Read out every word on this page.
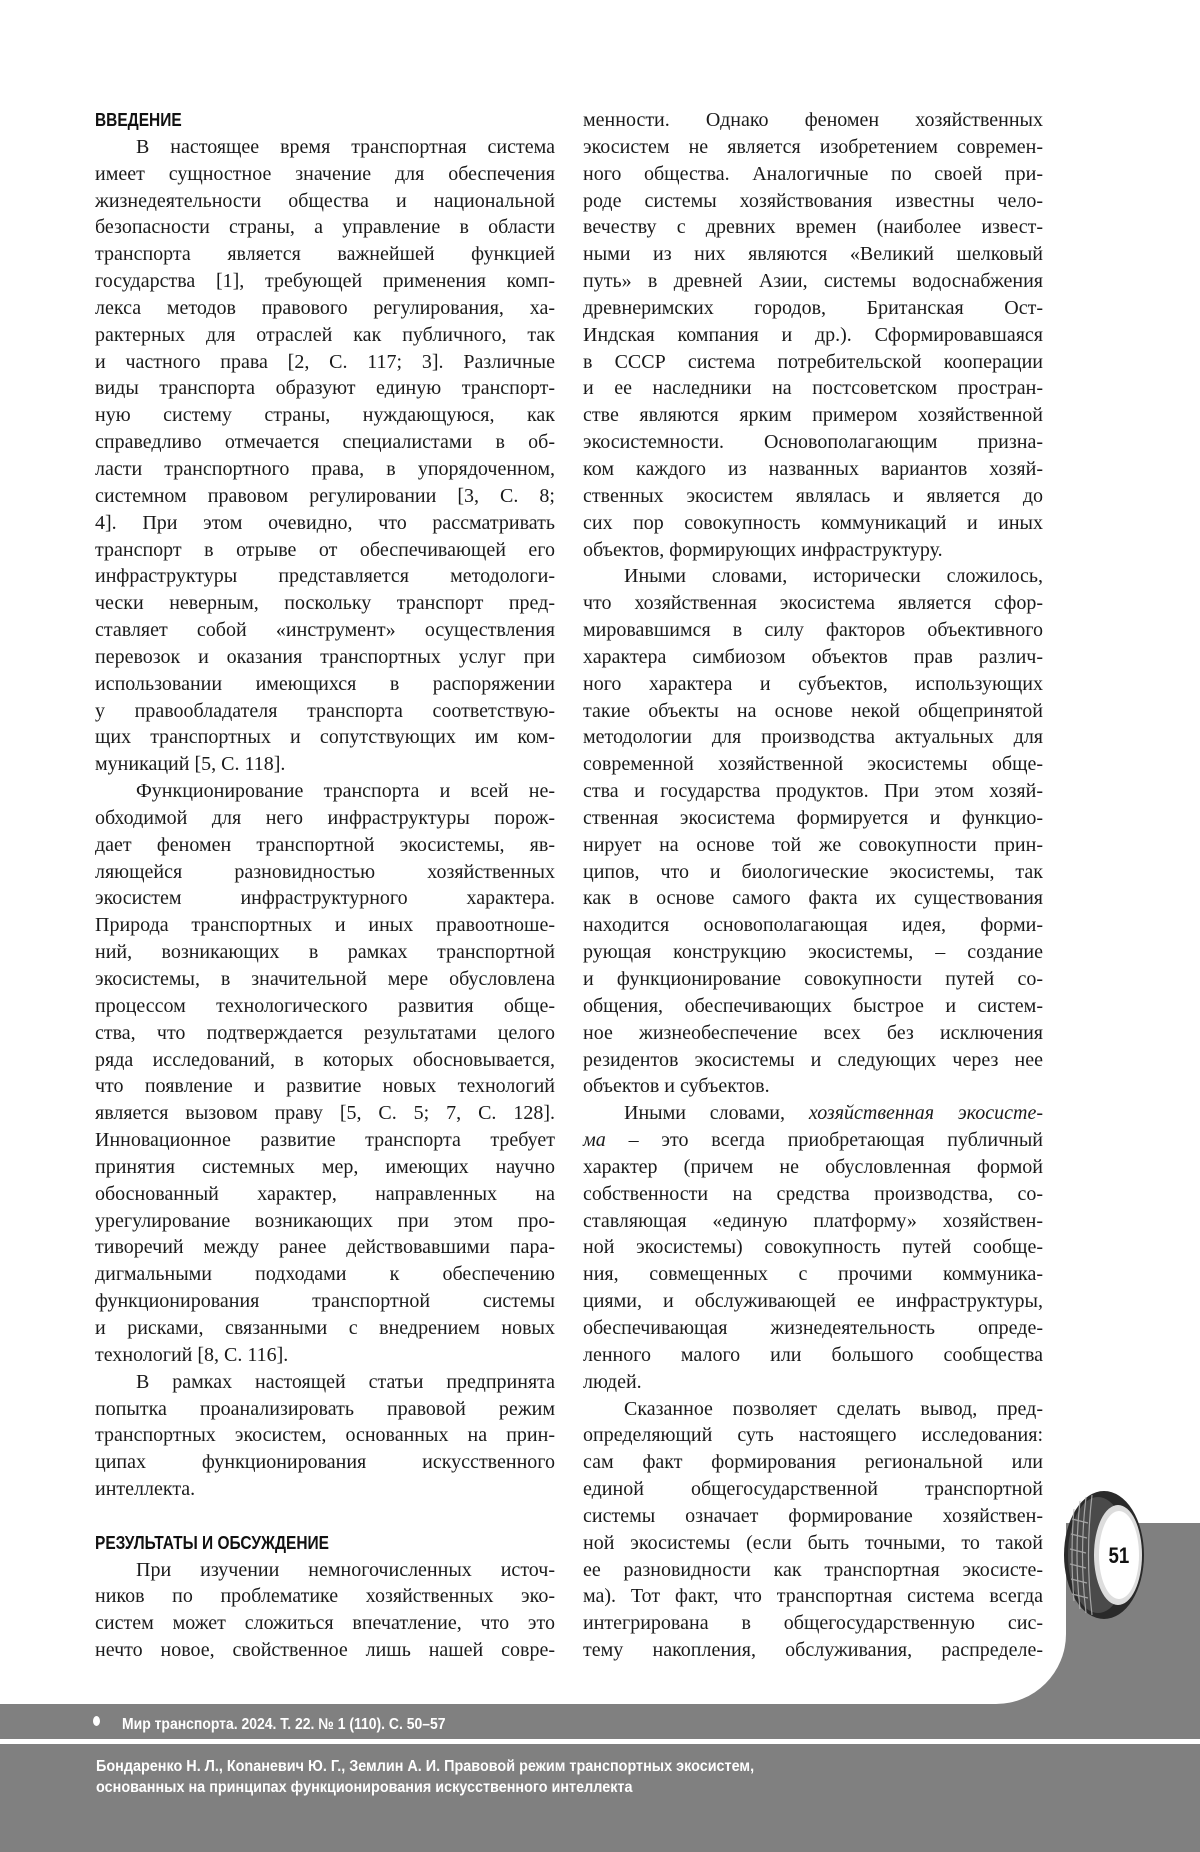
ВВЕДЕНИЕ
В настоящее время транспортная система
имеет сущностное значение для обеспечения
жизнедеятельности общества и национальной
безопасности страны, а управление в области
транспорта является важнейшей функцией
государства [1], требующей применения комп-
лекса методов правового регулирования, ха-
рактерных для отраслей как публичного, так
и частного права [2, С. 117; 3]. Различные
виды транспорта образуют единую транспорт-
ную систему страны, нуждающуюся, как
справедливо отмечается специалистами в об-
ласти транспортного права, в упорядоченном,
системном правовом регулировании [3, С. 8;
4]. При этом очевидно, что рассматривать
транспорт в отрыве от обеспечивающей его
инфраструктуры представляется методологи-
чески неверным, поскольку транспорт пред-
ставляет собой «инструмент» осуществления
перевозок и оказания транспортных услуг при
использовании имеющихся в распоряжении
у правообладателя транспорта соответствую-
щих транспортных и сопутствующих им ком-
муникаций [5, С. 118].
Функционирование транспорта и всей не-
обходимой для него инфраструктуры порож-
дает феномен транспортной экосистемы, яв-
ляющейся разновидностью хозяйственных
экосистем инфраструктурного характера.
Природа транспортных и иных правоотноше-
ний, возникающих в рамках транспортной
экосистемы, в значительной мере обусловлена
процессом технологического развития обще-
ства, что подтверждается результатами целого
ряда исследований, в которых обосновывается,
что появление и развитие новых технологий
является вызовом праву [5, С. 5; 7, С. 128].
Инновационное развитие транспорта требует
принятия системных мер, имеющих научно
обоснованный характер, направленных на
урегулирование возникающих при этом про-
тиворечий между ранее действовавшими пара-
дигмальными подходами к обеспечению
функционирования транспортной системы
и рисками, связанными с внедрением новых
технологий [8, С. 116].
В рамках настоящей статьи предпринята
попытка проанализировать правовой режим
транспортных экосистем, основанных на прин-
ципах функционирования искусственного
интеллекта.
РЕЗУЛЬТАТЫ И ОБСУЖДЕНИЕ
При изучении немногочисленных источ-
ников по проблематике хозяйственных эко-
систем может сложиться впечатление, что это
нечто новое, свойственное лишь нашей совре-
менности. Однако феномен хозяйственных
экосистем не является изобретением современ-
ного общества. Аналогичные по своей при-
роде системы хозяйствования известны чело-
вечеству с древних времен (наиболее извест-
ными из них являются «Великий шелковый
путь» в древней Азии, системы водоснабжения
древнеримских городов, Британская Ост-
Индская компания и др.). Сформировавшаяся
в СССР система потребительской кооперации
и ее наследники на постсоветском простран-
стве являются ярким примером хозяйственной
экосистемности. Основополагающим призна-
ком каждого из названных вариантов хозяй-
ственных экосистем являлась и является до
сих пор совокупность коммуникаций и иных
объектов, формирующих инфраструктуру.
Иными словами, исторически сложилось,
что хозяйственная экосистема является сфор-
мировавшимся в силу факторов объективного
характера симбиозом объектов прав различ-
ного характера и субъектов, использующих
такие объекты на основе некой общепринятой
методологии для производства актуальных для
современной хозяйственной экосистемы обще-
ства и государства продуктов. При этом хозяй-
ственная экосистема формируется и функцио-
нирует на основе той же совокупности прин-
ципов, что и биологические экосистемы, так
как в основе самого факта их существования
находится основополагающая идея, форми-
рующая конструкцию экосистемы, – создание
и функционирование совокупности путей со-
общения, обеспечивающих быстрое и систем-
ное жизнеобеспечение всех без исключения
резидентов экосистемы и следующих через нее
объектов и субъектов.
Иными словами, хозяйственная экосисте-
ма – это всегда приобретающая публичный
характер (причем не обусловленная формой
собственности на средства производства, со-
ставляющая «единую платформу» хозяйствен-
ной экосистемы) совокупность путей сообще-
ния, совмещенных с прочими коммуника-
циями, и обслуживающей ее инфраструктуры,
обеспечивающая жизнедеятельность опреде-
ленного малого или большого сообщества
людей.
Сказанное позволяет сделать вывод, пред-
определяющий суть настоящего исследования:
сам факт формирования региональной или
единой общегосударственной транспортной
системы означает формирование хозяйствен-
ной экосистемы (если быть точными, то такой
ее разновидности как транспортная экосисте-
ма). Тот факт, что транспортная система всегда
интегрирована в общегосударственную сис-
тему накопления, обслуживания, распределе-
51
Мир транспорта. 2024. Т. 22. № 1 (110). С. 50–57
Бондаренко Н. Л., Кonaневич Ю. Г., Землин А. И. Правовой режим транспортных экосистем,
основанных на принципах функционирования искусственного интеллекта
